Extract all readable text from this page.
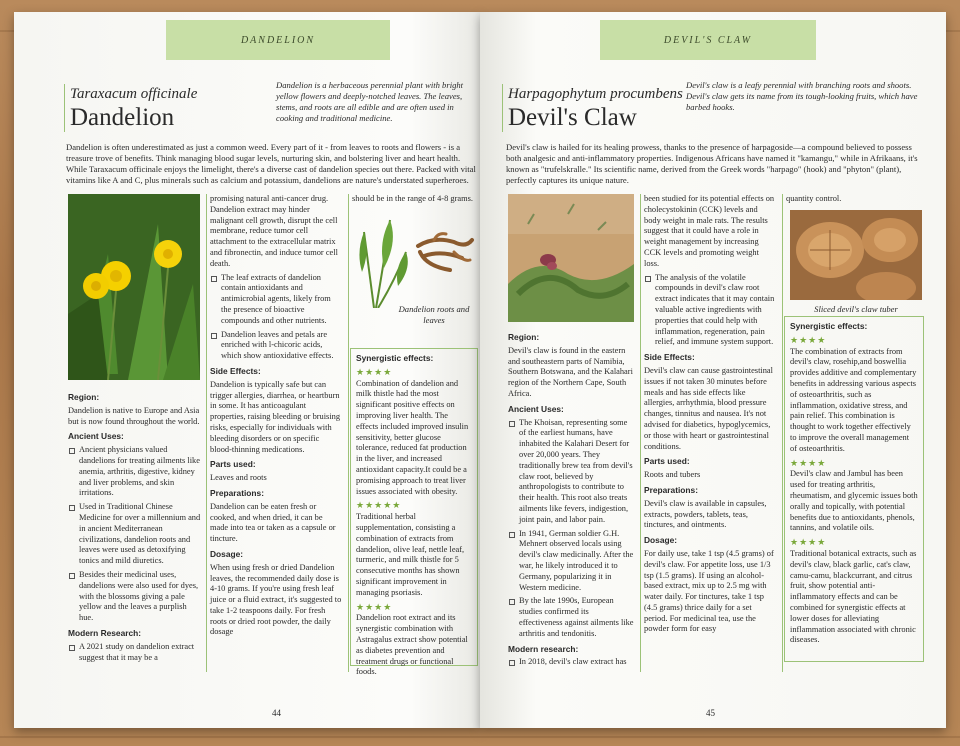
DANDELION
Taraxacum officinale
Dandelion
Dandelion is a herbaceous perennial plant with bright yellow flowers and deeply-notched leaves. The leaves, stems, and roots are all edible and are often used in cooking and traditional medicine.
Dandelion is often underestimated as just a common weed. Every part of it - from leaves to roots and flowers - is a treasure trove of benefits. Think managing blood sugar levels, nurturing skin, and bolstering liver and heart health. While Taraxacum officinale enjoys the limelight, there's a diverse cast of dandelion species out there. Packed with vital vitamins like A and C, plus minerals such as calcium and potassium, dandelions are nature's understated superheroes.
Region:

Dandelion is native to Europe and Asia but is now found throughout the world.

Ancient Uses:
Ancient physicians valued dandelions for treating ailments like anemia, arthritis, digestive, kidney and liver problems, and skin irritations.
Used in Traditional Chinese Medicine for over a millennium and in ancient Mediterranean civilizations, dandelion roots and leaves were used as detoxifying tonics and mild diuretics.
Besides their medicinal uses, dandelions were also used for dyes, with the blossoms giving a pale yellow and the leaves a purplish hue.
Modern Research:
A 2021 study on dandelion extract suggest that it may be a

promising natural anti-cancer drug. Dandelion extract may hinder malignant cell growth, disrupt the cell membrane, reduce tumor cell attachment to the extracellular matrix and fibronectin, and induce tumor cell death.

The leaf extracts of dandelion contain antioxidants and antimicrobial agents, likely from the presence of bioactive compounds and other nutrients.
Dandelion leaves and petals are enriched with l-chicoric acids, which show antioxidative effects.
Side Effects:

Dandelion is typically safe but can trigger allergies, diarrhea, or heartburn in some. It has anticoagulant properties, raising bleeding or bruising risks, especially for individuals with bleeding disorders or on specific blood-thinning medications.

Parts used:

Leaves and roots

Preparations:

Dandelion can be eaten fresh or cooked, and when dried, it can be made into tea or taken as a capsule or tincture.

Dosage:

When using fresh or dried Dandelion leaves, the recommended daily dose is 4-10 grams. If you're using fresh leaf juice or a fluid extract, it's suggested to take 1-2 teaspoons daily. For fresh roots or dried root powder, the daily dosage

should be in the range of 4-8 grams.

Dandelion roots and leaves
Synergistic effects:
★★★★

Combination of dandelion and milk thistle had the most significant positive effects on improving liver health. The effects included improved insulin sensitivity, better glucose tolerance, reduced fat production in the liver, and increased antioxidant capacity.It could be a promising approach to treat liver issues associated with obesity.

★★★★★

Traditional herbal supplementation, consisting a combination of extracts from dandelion, olive leaf, nettle leaf, turmeric, and milk thistle for 5 consecutive months has shown significant improvement in managing psoriasis.

★★★★

Dandelion root extract and its synergistic combination with Astragalus extract show potential as diabetes prevention and treatment drugs or functional foods.

44
DEVIL'S CLAW
Harpagophytum procumbens
Devil's Claw
Devil's claw is a leafy perennial with branching roots and shoots. Devil's claw gets its name from its tough-looking fruits, which have barbed hooks.
Devil's claw is hailed for its healing prowess, thanks to the presence of harpagoside—a compound believed to possess both analgesic and anti-inflammatory properties. Indigenous Africans have named it "kamangu," while in Afrikaans, it's known as "trufelskralle." Its scientific name, derived from the Greek words "harpago" (hook) and "phyton" (plant), perfectly captures its unique nature.
Region:

Devil's claw is found in the eastern and southeastern parts of Namibia, Southern Botswana, and the Kalahari region of the Northern Cape, South Africa.

Ancient Uses:
The Khoisan, representing some of the earliest humans, have inhabited the Kalahari Desert for over 20,000 years. They traditionally brew tea from devil's claw root, believed by anthropologists to contribute to their health. This root also treats ailments like fevers, indigestion, joint pain, and labor pain.
In 1941, German soldier G.H. Mehnert observed locals using devil's claw medicinally. After the war, he likely introduced it to Germany, popularizing it in Western medicine.
By the late 1990s, European studies confirmed its effectiveness against ailments like arthritis and tendonitis.
Modern research:
In 2018, devil's claw extract has

been studied for its potential effects on cholecystokinin (CCK) levels and body weight in male rats. The results suggest that it could have a role in weight management by increasing CCK levels and promoting weight loss.

The analysis of the volatile compounds in devil's claw root extract indicates that it may contain valuable active ingredients with properties that could help with inflammation, regeneration, pain relief, and immune system support.
Side Effects:

Devil's claw can cause gastrointestinal issues if not taken 30 minutes before meals and has side effects like allergies, arrhythmia, blood pressure changes, tinnitus and nausea. It's not advised for diabetics, hypoglycemics, or those with heart or gastrointestinal conditions.

Parts used:

Roots and tubers

Preparations:

Devil's claw is available in capsules, extracts, powders, tablets, teas, tinctures, and ointments.

Dosage:

For daily use, take 1 tsp (4.5 grams) of devil's claw. For appetite loss, use 1/3 tsp (1.5 grams). If using an alcohol-based extract, mix up to 2.5 mg with water daily. For tinctures, take 1 tsp (4.5 grams) thrice daily for a set period. For medicinal tea, use the powder form for easy

quantity control.

Sliced devil's claw tuber
Synergistic effects:
★★★★

The combination of extracts from devil's claw, rosehip,and boswellia provides additive and complementary benefits in addressing various aspects of osteoarthritis, such as inflammation, oxidative stress, and pain relief. This combination is thought to work together effectively to improve the overall management of osteoarthritis.

★★★★

Devil's claw and Jambul has been used for treating arthritis, rheumatism, and glycemic issues both orally and topically, with potential benefits due to antioxidants, phenols, tannins, and volatile oils.

★★★★

Traditional botanical extracts, such as devil's claw, black garlic, cat's claw, camu-camu, blackcurrant, and citrus fruit, show potential anti-inflammatory effects and can be combined for synergistic effects at lower doses for alleviating inflammation associated with chronic diseases.

45
